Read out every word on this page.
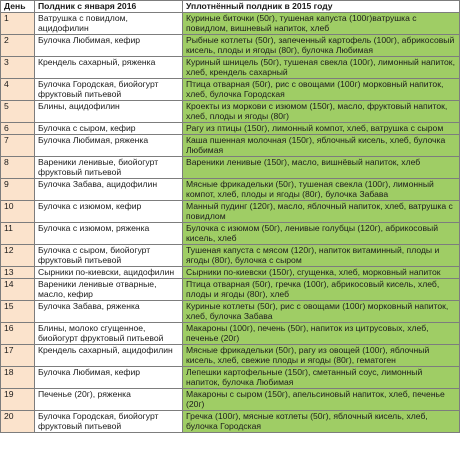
День	Полдник с января 2016	Уплотнённый полдник в 2015 году
1	Ватрушка с повидлом, ацидофилин	Куриные биточки (50г), тушеная капуста (100г)ватрушка с повидлом, вишневый напиток, хлеб
2	Булочка Любимая, кефир	Рыбные котлеты (50г), запеченный картофель (100г), абрикосовый кисель, плоды и ягоды (80г), булочка Любимая
3	Крендель сахарный, ряженка	Куриный шницель (50г), тушеная свекла (100г), лимонный напиток, хлеб, крендель сахарный
4	Булочка Городская, биойогурт фруктовый питьевой	Птица отварная (50г), рис с овощами (100г) морковный напиток, хлеб, булочка Городская
5	Блины, ацидофилин	Кроекты из моркови с изюмом (150г), масло, фруктовый напиток, хлеб, плоды и ягоды (80г)
6	Булочка с сыром, кефир	Рагу из птицы (150г), лимонный компот, хлеб, ватрушка с сыром
7	Булочка Любимая, ряженка	Каша пшенная молочная (150г), яблочный кисель, хлеб, булочка Любимая
8	Вареники ленивые, биойогурт фруктовый питьевой	Вареники ленивые (150г), масло, вишнёвый напиток, хлеб
9	Булочка Забава, ацидофилин	Мясные фрикадельки (50г), тушеная свекла (100г), лимонный компот, хлеб, плоды и ягоды (80г), булочка Забава
10	Булочка с изюмом, кефир	Манный пудинг (120г), масло, яблочный напиток, хлеб, ватрушка с повидлом
11	Булочка с изюмом, ряженка	Булочка с изюмом (50г), ленивые голубцы (120г), абрикосовый кисель, хлеб
12	Булочка с сыром, биойогурт фруктовый питьевой	Тушеная капуста с мясом (120г), напиток витаминный, плоды и ягоды (80г), булочка с сыром
13	Сырники по-киевски, ацидофилин	Сырники по-киевски (150г), сгущенка, хлеб, морковный напиток
14	Вареники ленивые отварные, масло, кефир	Птица отварная (50г), гречка (100г), абрикосовый кисель, хлеб, плоды и ягоды (80г), хлеб
15	Булочка Забава, ряженка	Куриные котлеты (50г), рис с овощами (100г) морковный напиток, хлеб, булочка Забава
16	Блины, молоко сгущенное, биойогурт фруктовый питьевой	Макароны (100г), печень (50г), напиток из цитрусовых, хлеб, печенье (20г)
17	Крендель сахарный, ацидофилин	Мясные фрикадельки (50г), рагу из овощей (100г), яблочный кисель, хлеб, свежие плоды и ягоды (80г), гематоген
18	Булочка Любимая, кефир	Лепешки картофельные (150г), сметанный соус, лимонный напиток, булочка Любимая
19	Печенье (20г), ряженка	Макароны с сыром (150г), апельсиновый напиток, хлеб, печенье (20г)
20	Булочка Городская, биойогурт фруктовый питьевой	Гречка (100г), мясные котлеты (50г), яблочный кисель, хлеб, булочка Городская
